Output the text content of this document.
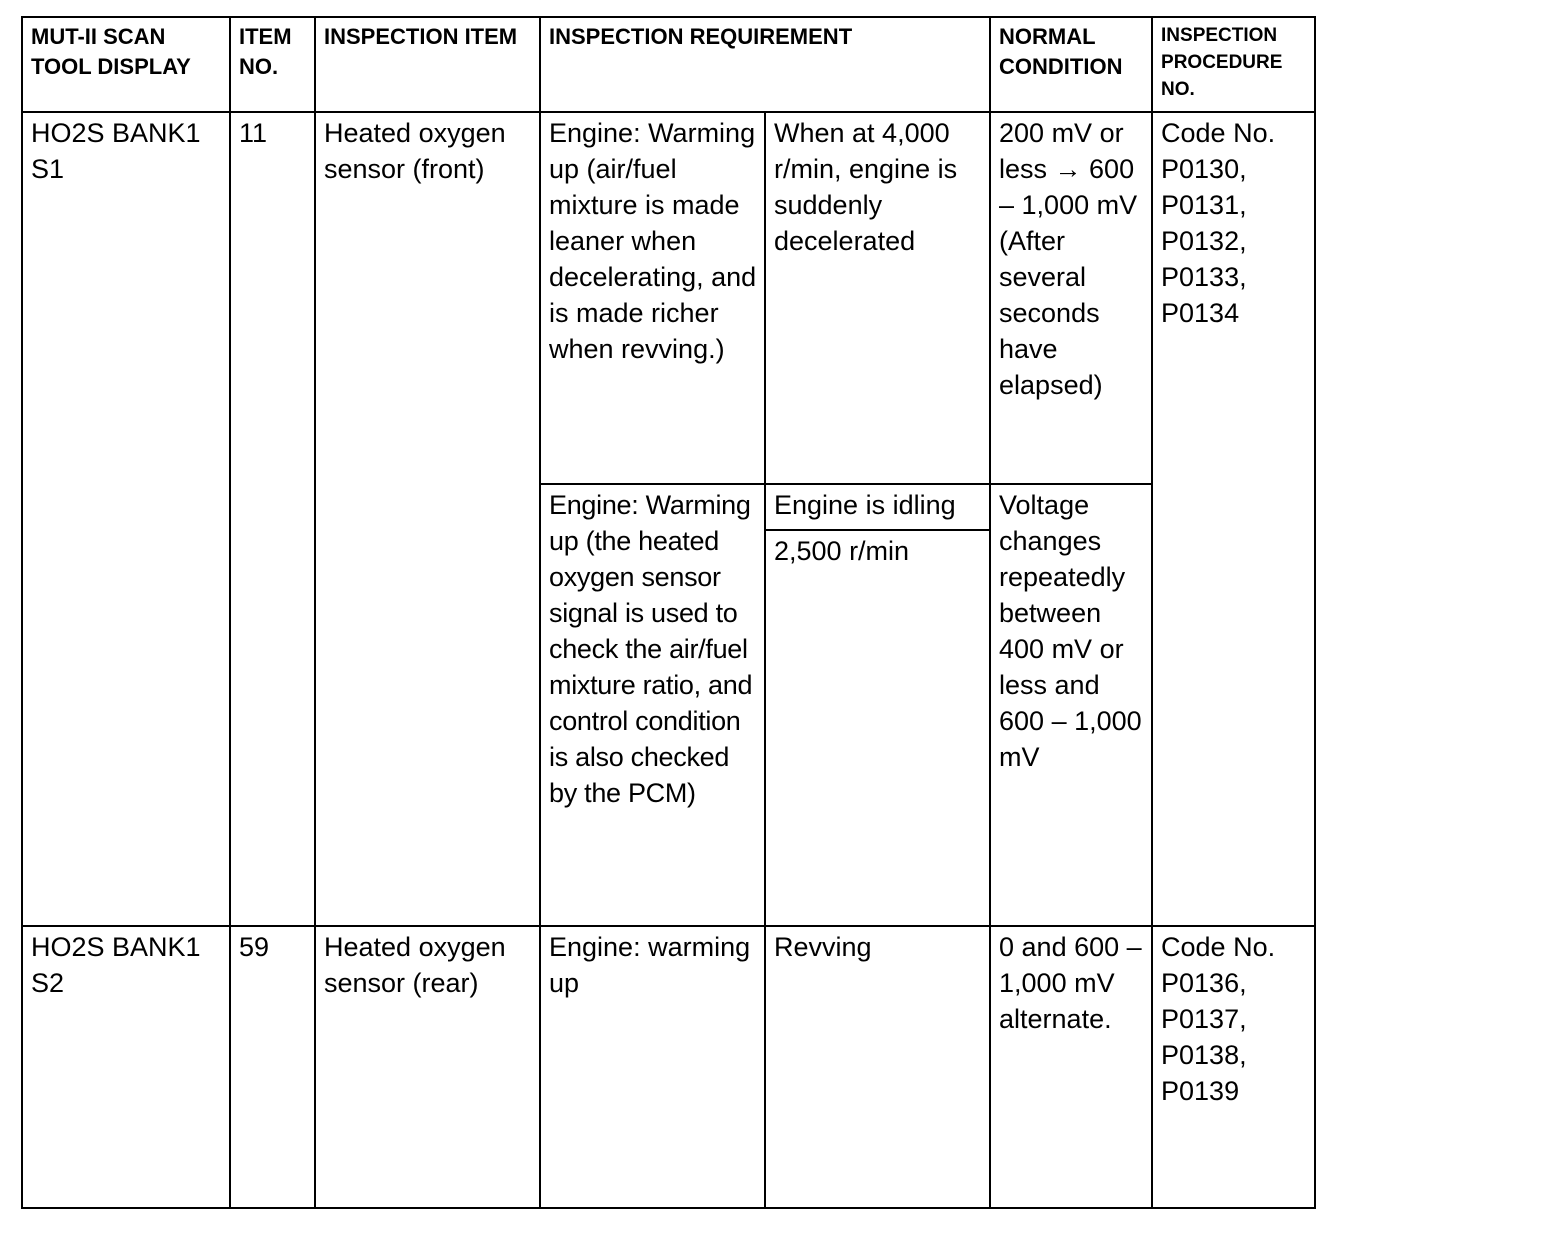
MUT-II SCAN TOOL DISPLAY	ITEM NO.	INSPECTION ITEM	INSPECTION REQUIREMENT		NORMAL CONDITION	INSPECTION PROCEDURE NO.
HO2S BANK1 S1	11	Heated oxygen sensor (front)	Engine: Warming up (air/fuel mixture is made leaner when decelerating, and is made richer when revving.)	When at 4,000 r/min, engine is suddenly decelerated	200 mV or less → 600 – 1,000 mV (After several seconds have elapsed)	Code No. P0130, P0131, P0132, P0133, P0134
			Engine: Warming up (the heated oxygen sensor signal is used to check the air/fuel mixture ratio, and control condition is also checked by the PCM)	Engine is idling	Voltage changes repeatedly between 400 mV or less and 600 – 1,000 mV	
				2,500 r/min		
HO2S BANK1 S2	59	Heated oxygen sensor (rear)	Engine: warming up	Revving	0 and 600 – 1,000 mV alternate.	Code No. P0136, P0137, P0138, P0139
